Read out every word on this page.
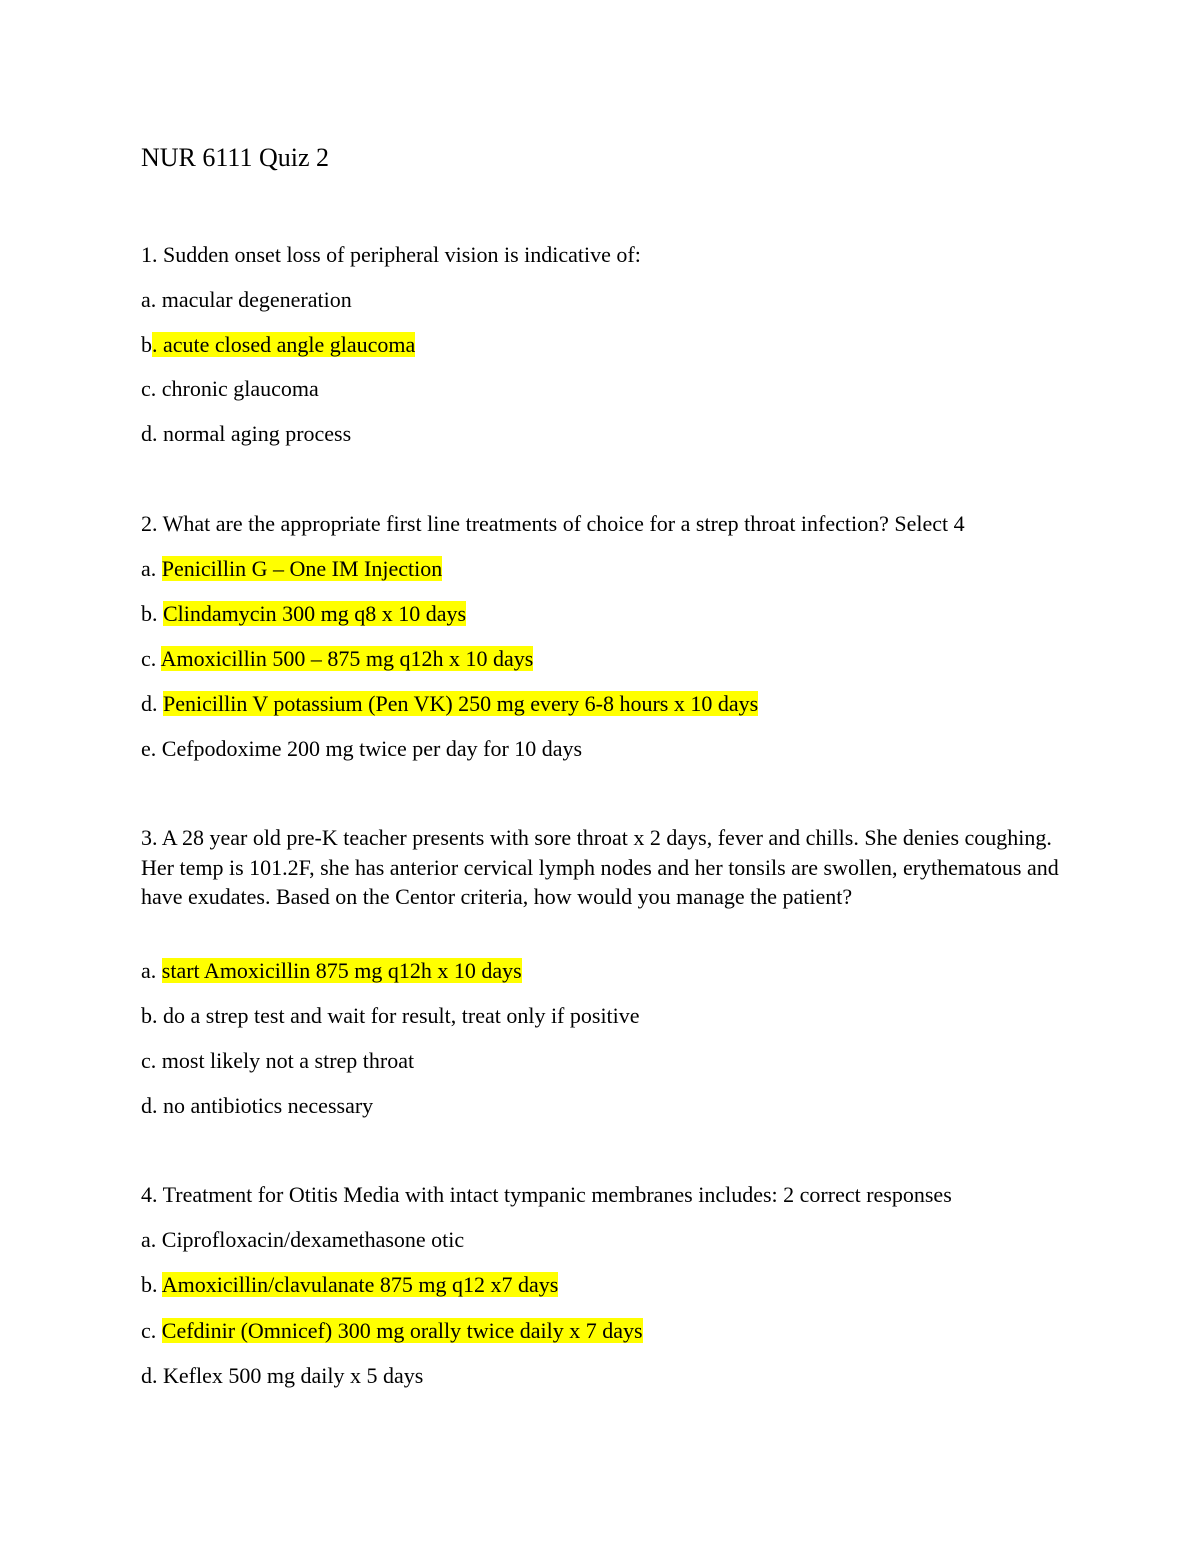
NUR 6111 Quiz 2
1. Sudden onset loss of peripheral vision is indicative of:
a. macular degeneration
b. acute closed angle glaucoma
c. chronic glaucoma
d. normal aging process
2. What are the appropriate first line treatments of choice for a strep throat infection? Select 4
a. Penicillin G – One IM Injection
b. Clindamycin 300 mg q8 x 10 days
c. Amoxicillin 500 – 875 mg q12h x 10 days
d. Penicillin V potassium (Pen VK) 250 mg every 6-8 hours x 10 days
e. Cefpodoxime 200 mg twice per day for 10 days
3. A 28 year old pre-K teacher presents with sore throat x 2 days, fever and chills. She denies coughing. Her temp is 101.2F, she has anterior cervical lymph nodes and her tonsils are swollen, erythematous and have exudates. Based on the Centor criteria, how would you manage the patient?
a. start Amoxicillin 875 mg q12h x 10 days
b. do a strep test and wait for result, treat only if positive
c. most likely not a strep throat
d. no antibiotics necessary
4. Treatment for Otitis Media with intact tympanic membranes includes: 2 correct responses
a. Ciprofloxacin/dexamethasone otic
b. Amoxicillin/clavulanate 875 mg q12 x7 days
c. Cefdinir (Omnicef) 300 mg orally twice daily x 7 days
d. Keflex 500 mg daily x 5 days
